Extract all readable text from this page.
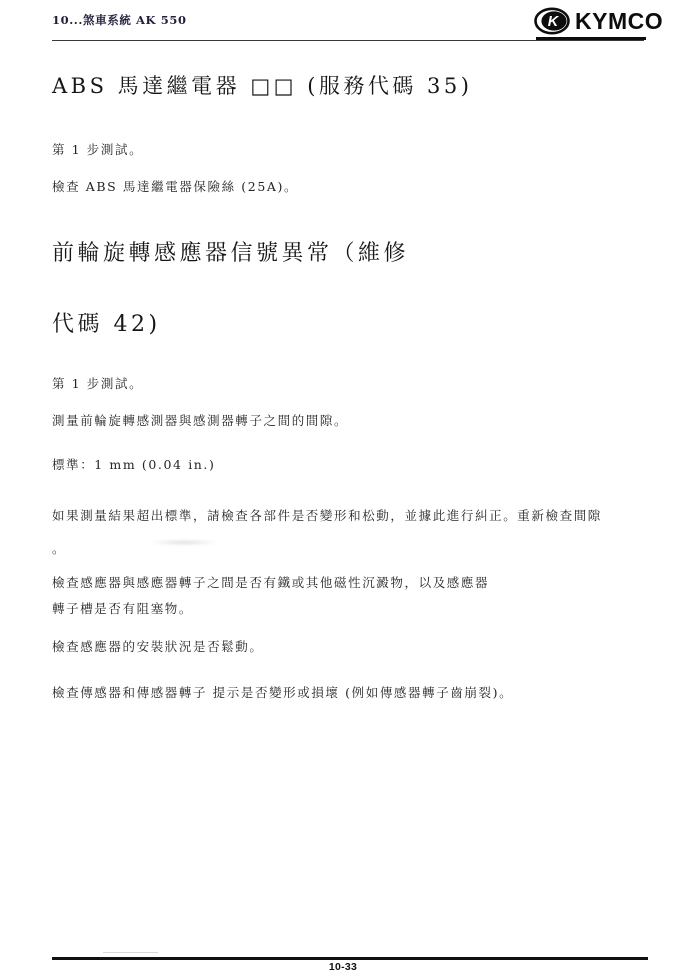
10...煞車系統 AK 550	K KYMCO
ABS 馬達繼電器 □□ (服務代碼 35)
第 1 步測試。
檢查 ABS 馬達繼電器保險絲 (25A)。
前輪旋轉感應器信號異常（維修
代碼 42)
第 1 步測試。
測量前輪旋轉感測器與感測器轉子之間的間隙。
標準：1 mm (0.04 in.)
如果測量結果超出標準，請檢查各部件是否變形和松動，並據此進行糾正。重新檢查間隙
。
檢查感應器與感應器轉子之間是否有鐵或其他磁性沉澱物，以及感應器
轉子槽是否有阻塞物。
檢查感應器的安裝狀況是否鬆動。
檢查傳感器和傳感器轉子 提示是否變形或損壞 (例如傳感器轉子齒崩裂)。
10-33
